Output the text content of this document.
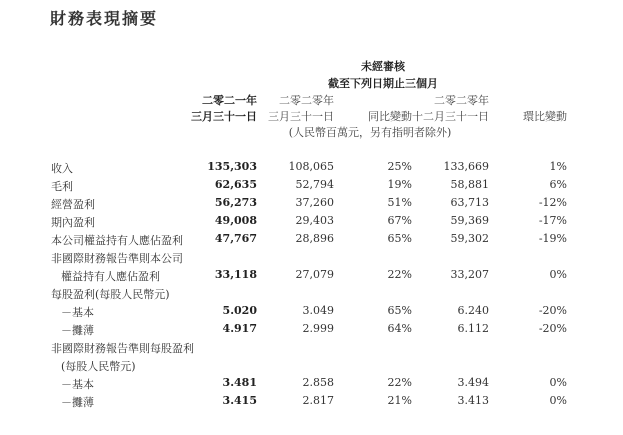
財務表現摘要
未經審核
截至下列日期止三個月
二零二一年
三月三十一日
二零二零年
三月三十一日	同比變動
二零二零年
十二月三十一日	環比變動
(人民幣百萬元，另有指明者除外)
收入	135,303	108,065	25%	133,669	1%
毛利	62,635	52,794	19%	58,881	6%
經營盈利	56,273	37,260	51%	63,713	-12%
期內盈利	49,008	29,403	67%	59,369	-17%
本公司權益持有人應佔盈利	47,767	28,896	65%	59,302	-19%
非國際財務報告準則本公司
權益持有人應佔盈利	33,118	27,079	22%	33,207	0%
每股盈利(每股人民幣元)
－基本	5.020	3.049	65%	6.240	-20%
－攤薄	4.917	2.999	64%	6.112	-20%
非國際財務報告準則每股盈利
(每股人民幣元)
－基本	3.481	2.858	22%	3.494	0%
－攤薄	3.415	2.817	21%	3.413	0%
